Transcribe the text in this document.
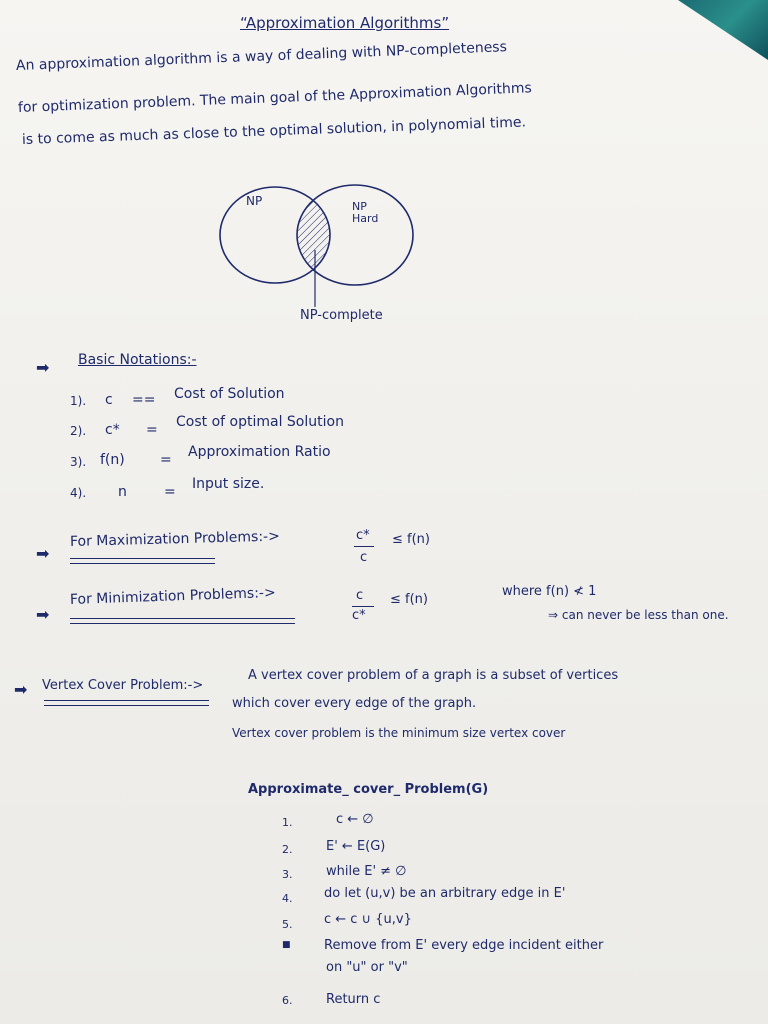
“Approximation Algorithms”
An approximation algorithm is a way of dealing with NP-completeness
for optimization problem. The main goal of the Approximation Algorithms
is to come as much as close to the optimal solution, in polynomial time.
NP	NP
Hard
NP-complete
➡ Basic Notations:-
1). c == Cost of Solution
2). c* = Cost of optimal Solution
3). f(n)	= Approximation Ratio
4). n	= Input size.
➡
For Maximization Problems:->	c*
c
≤ f(n)
➡
For Minimization Problems:->	c
c*
≤ f(n)
where f(n) ≮ 1
⇒ can never be less than one.
➡ Vertex Cover Problem:->
A vertex cover problem of a graph is a subset of vertices
which cover every edge of the graph.
Vertex cover problem is the minimum size vertex cover
Approximate_ cover_ Problem(G)
1.	c ← ∅
2.	E' ← E(G)
3.	while E' ≠ ∅
4. do let (u,v) be an arbitrary edge in E'
5. c ← c ∪ {u,v}
■	Remove from E' every edge incident either
on "u" or "v"
6.	Return c
